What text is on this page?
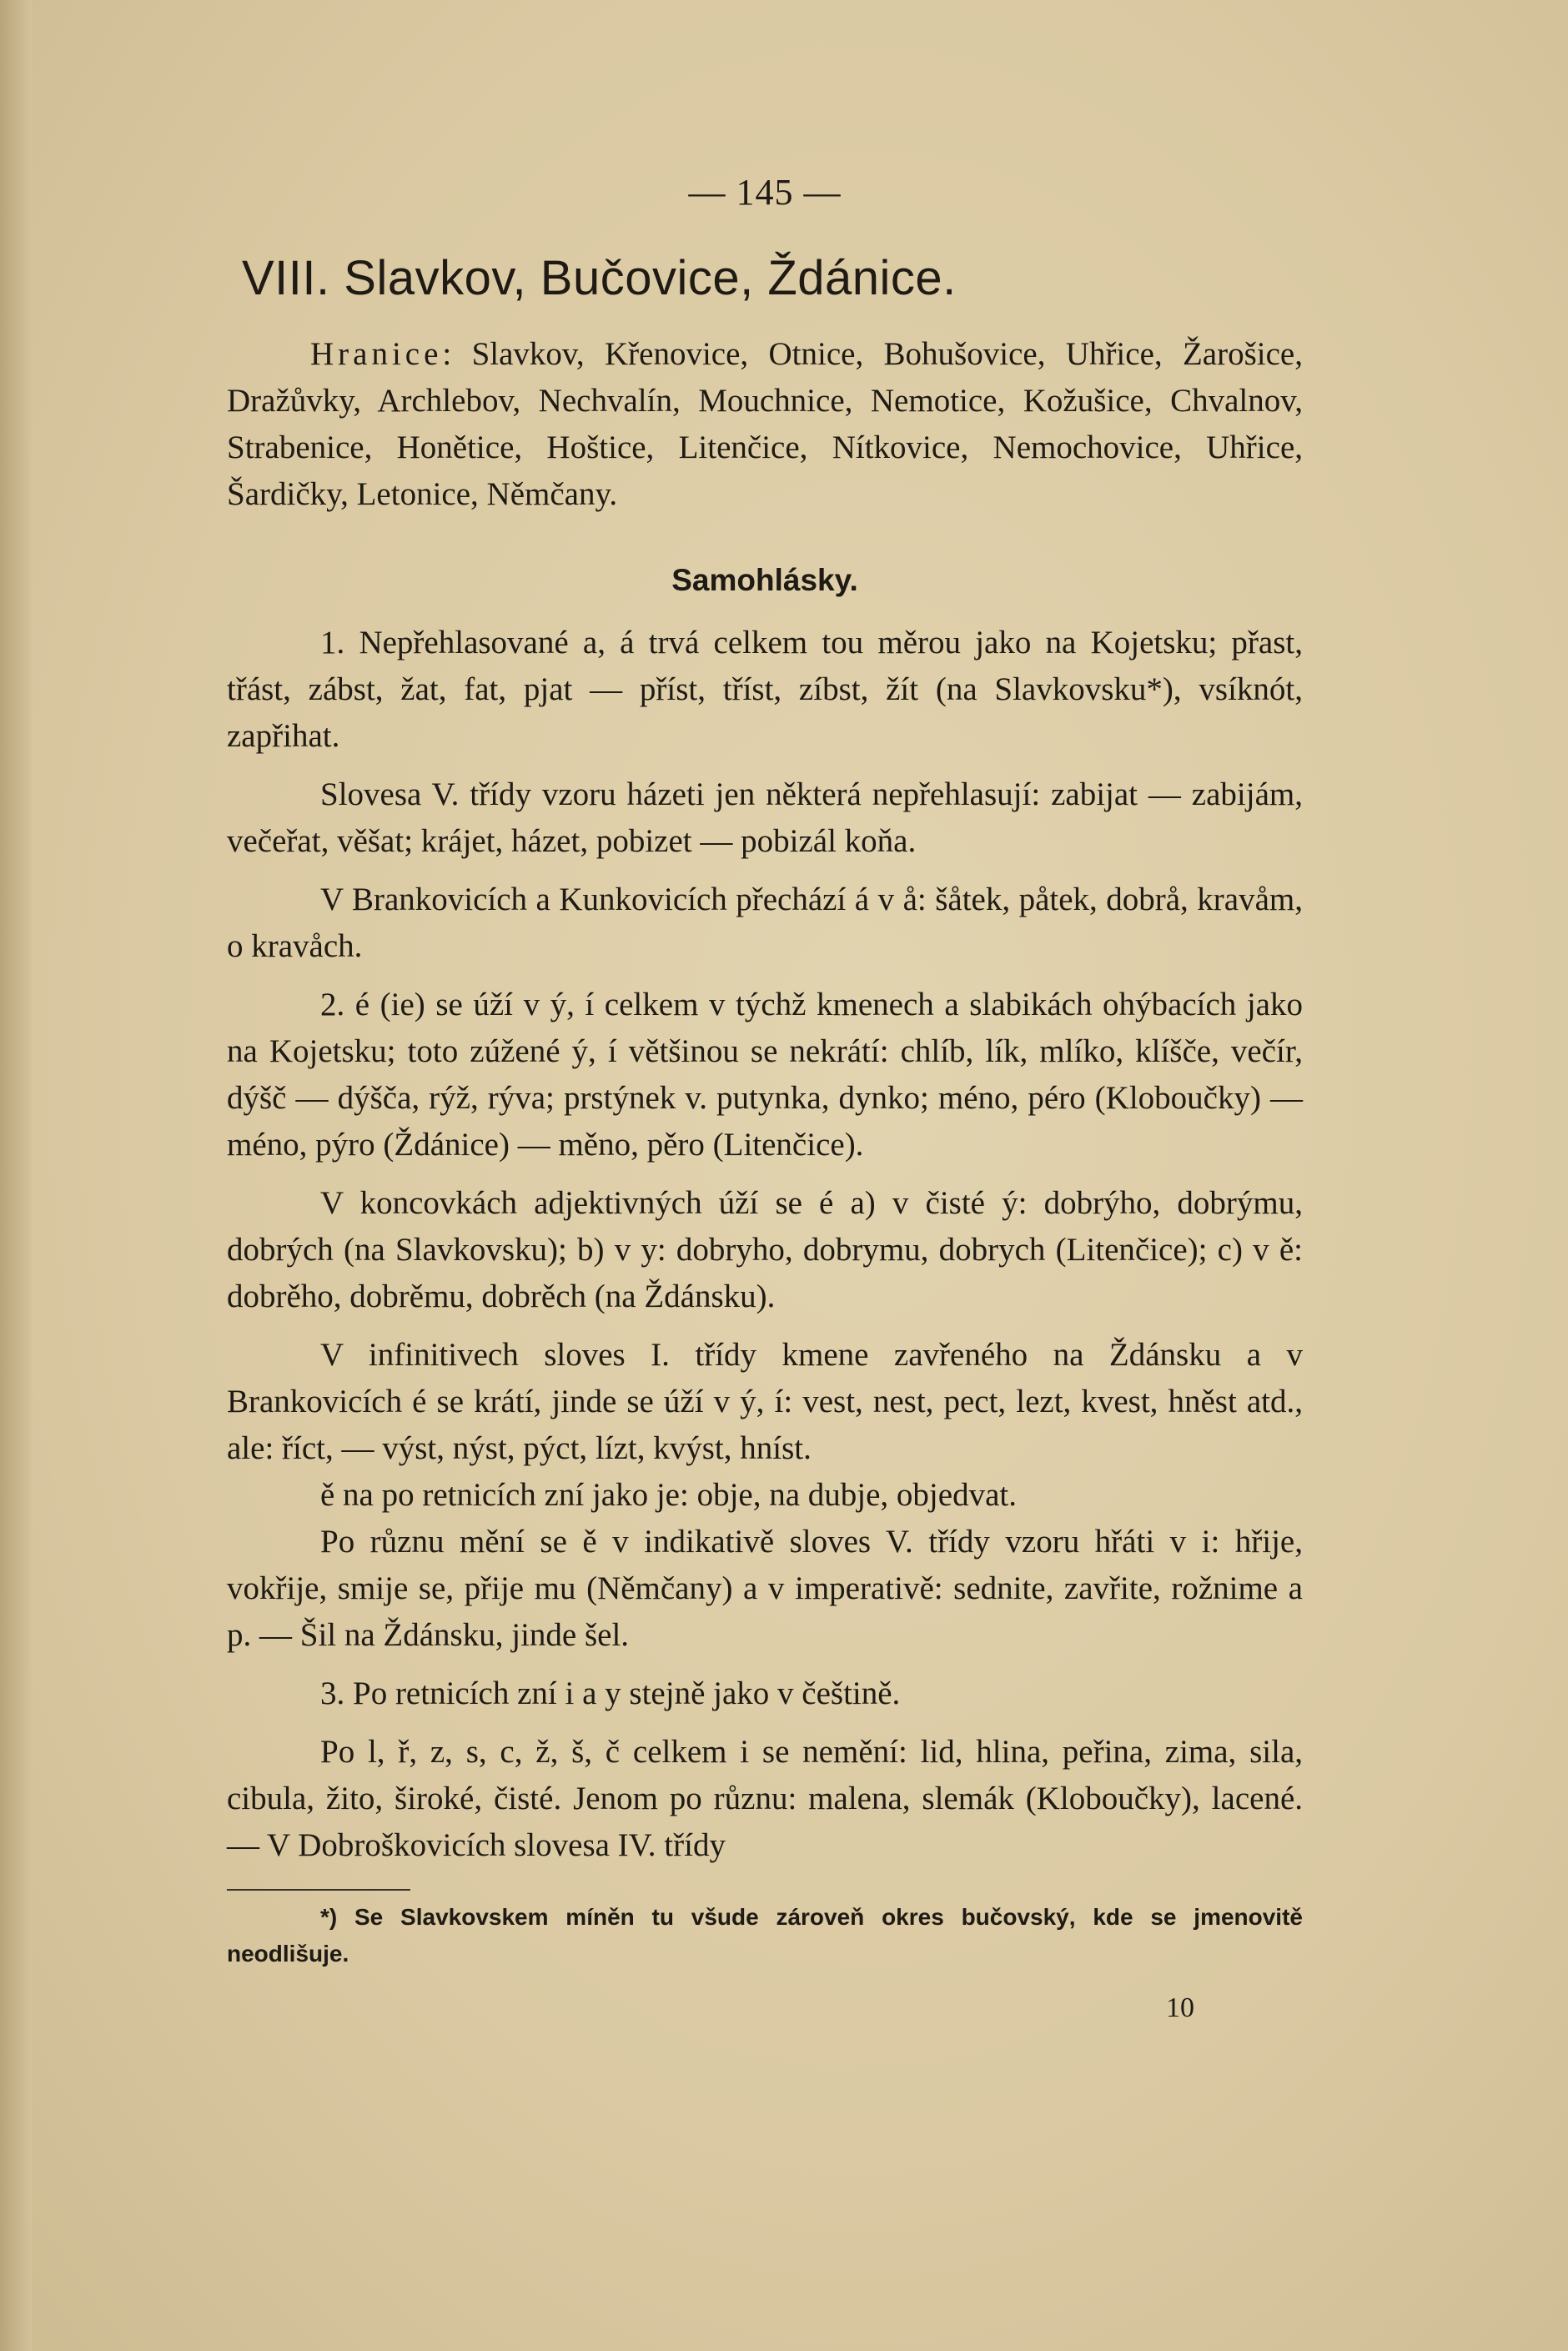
— 145 —
VIII. Slavkov, Bučovice, Ždánice.

Hranice: Slavkov, Křenovice, Otnice, Bohušovice, Uhřice, Žarošice, Dražůvky, Archlebov, Nechvalín, Mouchnice, Nemotice, Kožušice, Chvalnov, Strabenice, Honětice, Hoštice, Litenčice, Nítkovice, Nemochovice, Uhřice, Šardičky, Letonice, Němčany.

Samohlásky.

1. Nepřehlasované a, á trvá celkem tou měrou jako na Kojetsku; přast, třást, zábst, žat, fat, pjat — příst, tříst, zíbst, žít (na Slavkovsku*), vsíknót, zapřihat.

Slovesa V. třídy vzoru házeti jen některá nepřehlasují: zabijat — zabijám, večeřat, věšat; krájet, házet, pobizet — pobizál koňa.

V Brankovicích a Kunkovicích přechází á v å: šåtek, påtek, dobrå, kravåm, o kravåch.

2. é (ie) se úží v ý, í celkem v týchž kmenech a slabikách ohýbacích jako na Kojetsku; toto zúžené ý, í většinou se nekrátí: chlíb, lík, mlíko, klíšče, večír, dýšč — dýšča, rýž, rýva; prstýnek v. putynka, dynko; méno, péro (Kloboučky) — méno, pýro (Ždánice) — měno, pěro (Litenčice).

V koncovkách adjektivných úží se é a) v čisté ý: dobrýho, dobrýmu, dobrých (na Slavkovsku); b) v y: dobryho, dobrymu, dobrych (Litenčice); c) v ě: dobrěho, dobrěmu, dobrěch (na Ždánsku).

V infinitivech sloves I. třídy kmene zavřeného na Ždánsku a v Brankovicích é se krátí, jinde se úží v ý, í: vest, nest, pect, lezt, kvest, hněst atd., ale: říct, — výst, nýst, pýct, lízt, kvýst, hníst.

ě na po retnicích zní jako je: obje, na dubje, objedvat.

Po různu mění se ě v indikativě sloves V. třídy vzoru hřáti v i: hřije, vokřije, smije se, přije mu (Němčany) a v imperativě: sednite, zavřite, rožnime a p. — Šil na Ždánsku, jinde šel.

3. Po retnicích zní i a y stejně jako v češtině.

Po l, ř, z, s, c, ž, š, č celkem i se nemění: lid, hlina, peřina, zima, sila, cibula, žito, široké, čisté. Jenom po různu: malena, slemák (Kloboučky), lacené. — V Dobroškovicích slovesa IV. třídy

*) Se Slavkovskem míněn tu všude zároveň okres bučovský, kde se jmenovitě neodlišuje.
10
